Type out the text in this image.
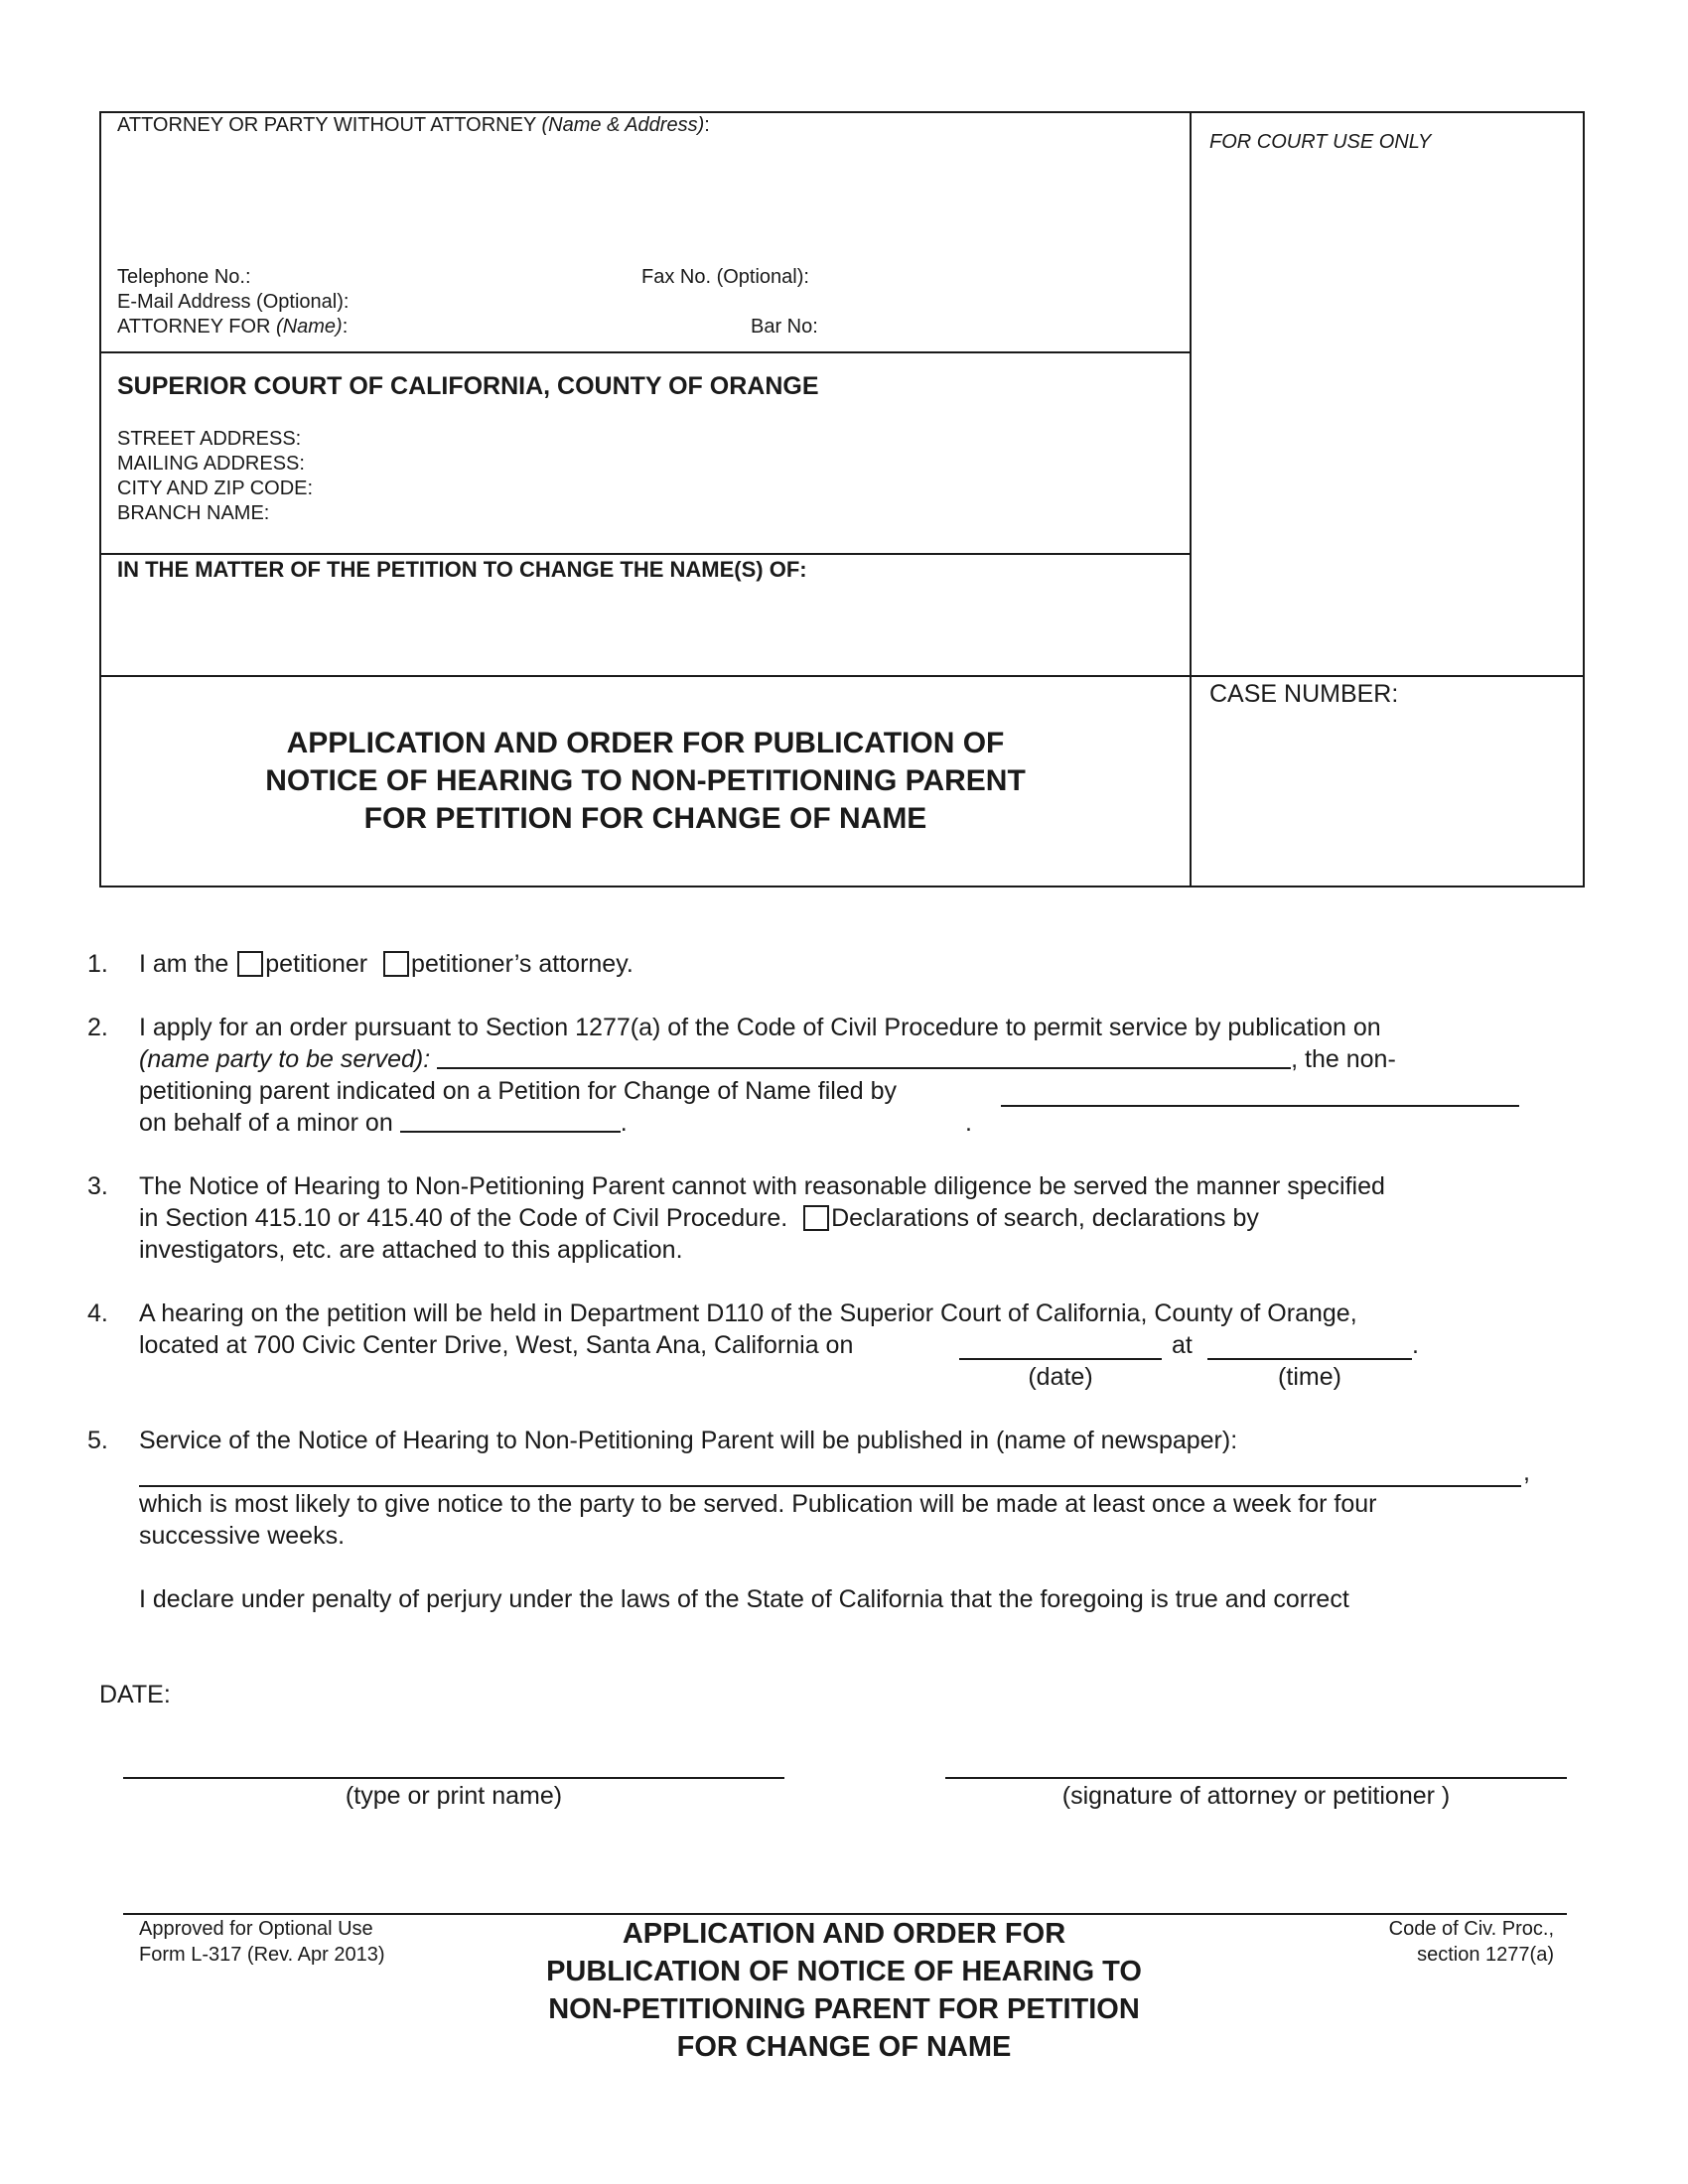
ATTORNEY OR PARTY WITHOUT ATTORNEY (Name & Address):
FOR COURT USE ONLY
Telephone No.:	Fax No. (Optional):
E-Mail Address (Optional):
ATTORNEY FOR (Name):	Bar No:
SUPERIOR COURT OF CALIFORNIA, COUNTY OF ORANGE
STREET ADDRESS:
MAILING ADDRESS:
CITY AND ZIP CODE:
BRANCH NAME:
IN THE MATTER OF THE PETITION TO CHANGE THE NAME(S) OF:
CASE NUMBER:
APPLICATION AND ORDER FOR PUBLICATION OF
NOTICE OF HEARING TO NON-PETITIONING PARENT
FOR PETITION FOR CHANGE OF NAME
1. I am the petitioner petitioner’s attorney.
2. I apply for an order pursuant to Section 1277(a) of the Code of Civil Procedure to permit service by publication on
(name party to be served):	, the non-
petitioning parent indicated on a Petition for Change of Name filed by
on behalf of a minor on	.	.
3. The Notice of Hearing to Non-Petitioning Parent cannot with reasonable diligence be served the manner specified
in Section 415.10 or 415.40 of the Code of Civil Procedure. Declarations of search, declarations by
investigators, etc. are attached to this application.
4. A hearing on the petition will be held in Department D110 of the Superior Court of California, County of Orange,
located at 700 Civic Center Drive, West, Santa Ana, California on	at	.
(date)	(time)
5. Service of the Notice of Hearing to Non-Petitioning Parent will be published in (name of newspaper):
,
which is most likely to give notice to the party to be served. Publication will be made at least once a week for four
successive weeks.
I declare under penalty of perjury under the laws of the State of California that the foregoing is true and correct
DATE:
(type or print name)	(signature of attorney or petitioner )
Approved for Optional Use
Form L-317 (Rev. Apr 2013)
APPLICATION AND ORDER FOR
PUBLICATION OF NOTICE OF HEARING TO
NON-PETITIONING PARENT FOR PETITION
FOR CHANGE OF NAME
Code of Civ. Proc.,
section 1277(a)
